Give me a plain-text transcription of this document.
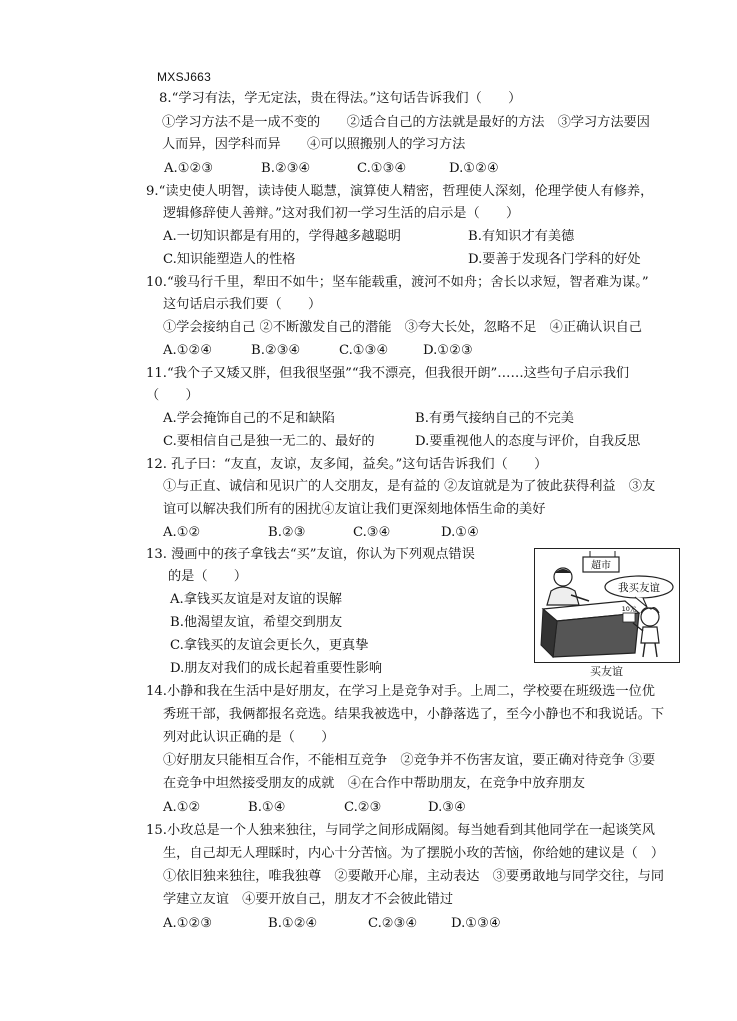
MXSJ663
8.“学习有法，学无定法，贵在得法。”这句话告诉我们（　　）
①学习方法不是一成不变的　　②适合自己的方法就是最好的方法　③学习方法要因
人而异，因学科而异　　④可以照搬别人的学习方法
A.①②③	B.②③④	C.①③④	D.①②④
9.“读史使人明智，读诗使人聪慧，演算使人精密，哲理使人深刻，伦理学使人有修养，
逻辑修辞使人善辩。”这对我们初一学习生活的启示是（　　）
A.一切知识都是有用的，学得越多越聪明	B.有知识才有美德
C.知识能塑造人的性格	D.要善于发现各门学科的好处
10.“骏马行千里，犁田不如牛；坚车能载重，渡河不如舟；舍长以求短，智者难为谋。”
这句话启示我们要（　　）
①学会接纳自己 ②不断激发自己的潜能　③夸大长处，忽略不足　④正确认识自己
A.①②④	B.②③④	C.①③④	D.①②③
11.“我个子又矮又胖，但我很坚强”“我不漂亮，但我很开朗”……这些句子启示我们
（　　）
A.学会掩饰自己的不足和缺陷	B.有勇气接纳自己的不完美
C.要相信自己是独一无二的、最好的	D.要重视他人的态度与评价，自我反思
12. 孔子曰：“友直，友谅，友多闻，益矣。”这句话告诉我们（　　）
①与正直、诚信和见识广的人交朋友，是有益的 ②友谊就是为了彼此获得利益　③友
谊可以解决我们所有的困扰④友谊让我们更深刻地体悟生命的美好
A.①②	B.②③	C.③④	D.①④
13. 漫画中的孩子拿钱去“买”友谊，你认为下列观点错误
的是（　　）
A.拿钱买友谊是对友谊的误解
B.他渴望友谊，希望交到朋友
C.拿钱买的友谊会更长久，更真挚
D.朋友对我们的成长起着重要性影响
超市
我买友谊
10元
买友谊
14.小静和我在生活中是好朋友，在学习上是竞争对手。上周二，学校要在班级选一位优
秀班干部，我俩都报名竞选。结果我被选中，小静落选了，至今小静也不和我说话。下
列对此认识正确的是（　　）
①好朋友只能相互合作，不能相互竞争　②竞争并不伤害友谊，要正确对待竞争 ③要
在竞争中坦然接受朋友的成就　④在合作中帮助朋友，在竞争中放弃朋友
A.①②	B.①④	C.②③	D.③④
15.小玫总是一个人独来独往，与同学之间形成隔阂。每当她看到其他同学在一起谈笑风
生，自己却无人理睬时，内心十分苦恼。为了摆脱小玫的苦恼，你给她的建议是（　）
①依旧独来独往，唯我独尊　②要敞开心扉，主动表达　③要勇敢地与同学交往，与同
学建立友谊　④要开放自己，朋友才不会彼此错过
A.①②③	B.①②④	C.②③④	D.①③④
